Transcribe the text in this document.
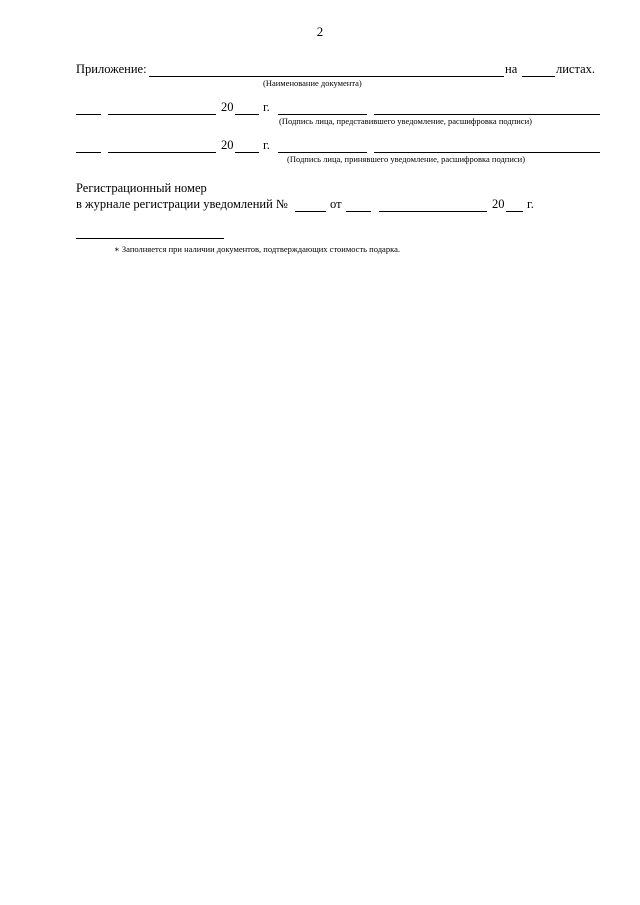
2
Приложение:	на	листах.
(Наименование документа)
20 г.
(Подпись лица, представившего уведомление, расшифровка подписи)
20 г.
(Подпись лица, принявшего уведомление, расшифровка подписи)
Регистрационный номер
в журнале регистрации уведомлений №	от	20 г.
∗ Заполняется при наличии документов, подтверждающих стоимость подарка.
